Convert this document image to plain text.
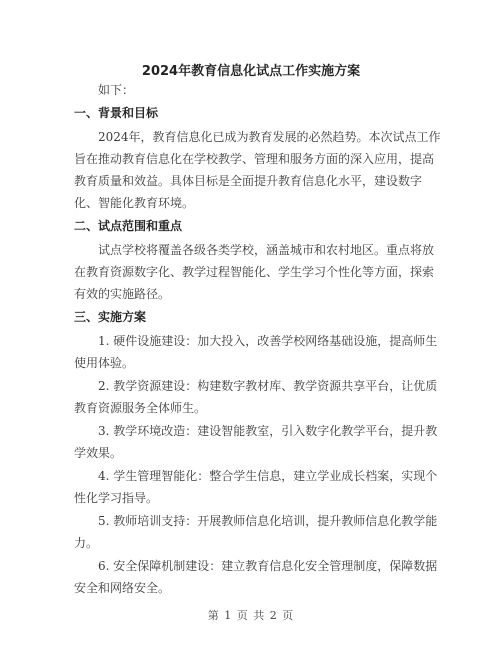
2024年教育信息化试点工作实施方案
如下：
一、背景和目标
2024年，教育信息化已成为教育发展的必然趋势。本次试点工作
旨在推动教育信息化在学校教学、管理和服务方面的深入应用，提高
教育质量和效益。具体目标是全面提升教育信息化水平，建设数字
化、智能化教育环境。
二、试点范围和重点
试点学校将覆盖各级各类学校，涵盖城市和农村地区。重点将放
在教育资源数字化、教学过程智能化、学生学习个性化等方面，探索
有效的实施路径。
三、实施方案
1. 硬件设施建设：加大投入，改善学校网络基础设施，提高师生
使用体验。
2. 教学资源建设：构建数字教材库、教学资源共享平台，让优质
教育资源服务全体师生。
3. 教学环境改造：建设智能教室，引入数字化教学平台，提升教
学效果。
4. 学生管理智能化：整合学生信息，建立学业成长档案，实现个
性化学习指导。
5. 教师培训支持：开展教师信息化培训，提升教师信息化教学能
力。
6. 安全保障机制建设：建立教育信息化安全管理制度，保障数据
安全和网络安全。
第 1 页 共 2 页
